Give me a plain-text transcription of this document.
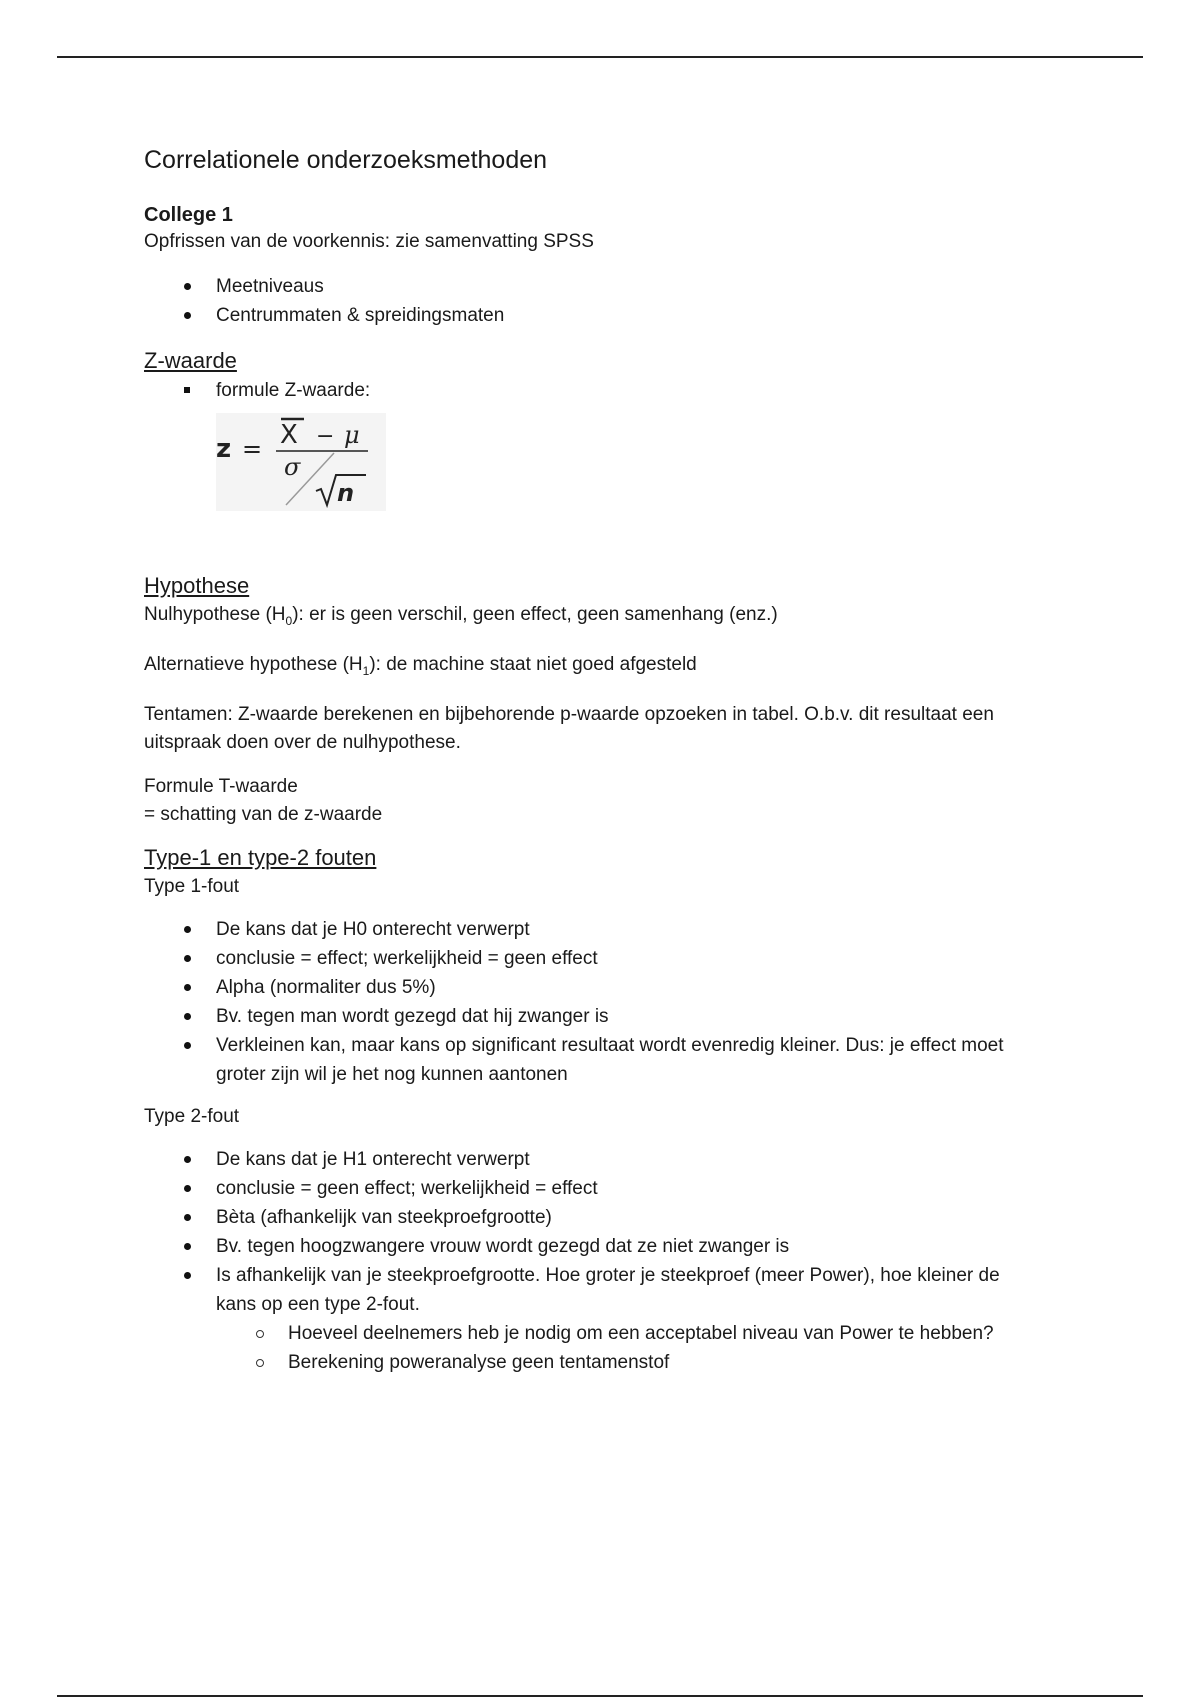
Correlationele onderzoeksmethoden
College 1

Opfrissen van de voorkennis: zie samenvatting SPSS

Meetniveaus
Centrummaten & spreidingsmaten
Z-waarde
formule Z-waarde:
z = X − μ
σ
n
Hypothese

Nulhypothese $(H_0)$: er is geen verschil, geen effect, geen samenhang (enz.)

Alternatieve hypothese $(H_1)$: de machine staat niet goed afgesteld

Tentamen: Z-waarde berekenen en bijbehorende p-waarde opzoeken in tabel. O.b.v. dit resultaat een uitspraak doen over de nulhypothese.

Formule T-waarde

= schatting van de z-waarde

Type-1 en type-2 fouten

Type 1-fout

De kans dat je H0 onterecht verwerpt
conclusie = effect; werkelijkheid = geen effect
Alpha (normaliter dus 5%)
Bv. tegen man wordt gezegd dat hij zwanger is
Verkleinen kan, maar kans op significant resultaat wordt evenredig kleiner. Dus: je effect moet groter zijn wil je het nog kunnen aantonen

Type 2-fout

De kans dat je H1 onterecht verwerpt
conclusie = geen effect; werkelijkheid = effect
Bèta (afhankelijk van steekproefgrootte)
Bv. tegen hoogzwangere vrouw wordt gezegd dat ze niet zwanger is
Is afhankelijk van je steekproefgrootte. Hoe groter je steekproef (meer Power), hoe kleiner de kans op een type 2-fout.
Hoeveel deelnemers heb je nodig om een acceptabel niveau van Power te hebben?
Berekening poweranalyse geen tentamenstof
